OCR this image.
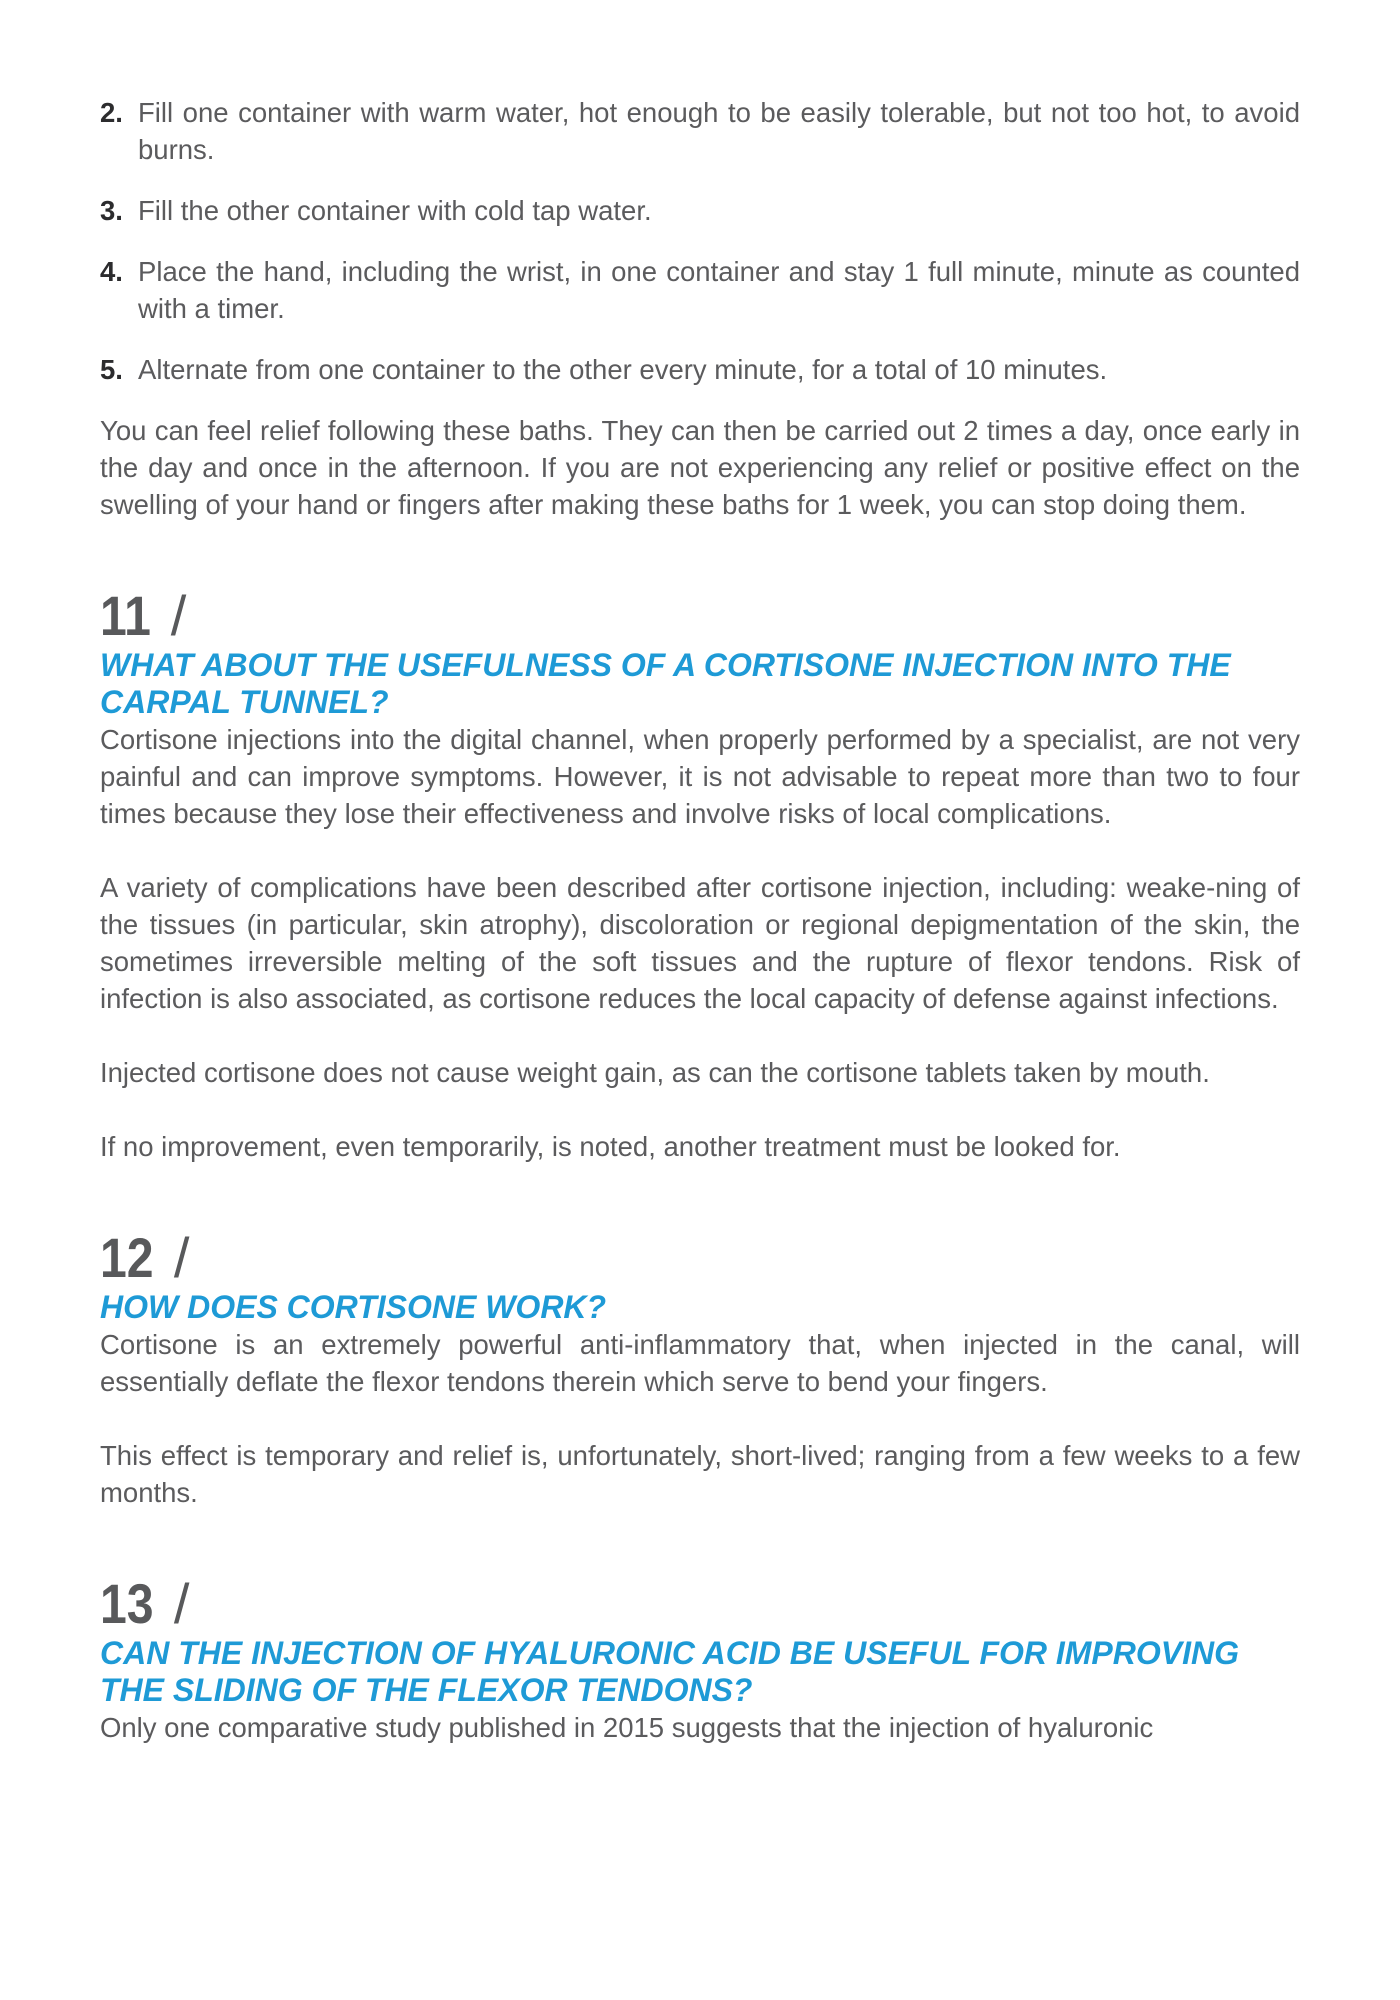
2. Fill one container with warm water, hot enough to be easily tolerable, but not too hot, to avoid burns.
3. Fill the other container with cold tap water.
4. Place the hand, including the wrist, in one container and stay 1 full minute, minute as counted with a timer.
5. Alternate from one container to the other every minute, for a total of 10 minutes.

You can feel relief following these baths. They can then be carried out 2 times a day, once early in the day and once in the afternoon. If you are not experiencing any relief or positive effect on the swelling of your hand or fingers after making these baths for 1 week, you can stop doing them.

11 /
WHAT ABOUT THE USEFULNESS OF A CORTISONE INJECTION INTO THE CARPAL TUNNEL?

Cortisone injections into the digital channel, when properly performed by a specialist, are not very painful and can improve symptoms. However, it is not advisable to repeat more than two to four times because they lose their effectiveness and involve risks of local complications.

A variety of complications have been described after cortisone injection, including: weake-ning of the tissues (in particular, skin atrophy), discoloration or regional depigmentation of the skin, the sometimes irreversible melting of the soft tissues and the rupture of flexor tendons. Risk of infection is also associated, as cortisone reduces the local capacity of defense against infections.

Injected cortisone does not cause weight gain, as can the cortisone tablets taken by mouth.

If no improvement, even temporarily, is noted, another treatment must be looked for.

12 /
HOW DOES CORTISONE WORK?

Cortisone is an extremely powerful anti-inflammatory that, when injected in the canal, will essentially deflate the flexor tendons therein which serve to bend your fingers.

This effect is temporary and relief is, unfortunately, short-lived; ranging from a few weeks to a few months.

13 /
CAN THE INJECTION OF HYALURONIC ACID BE USEFUL FOR IMPROVING THE SLIDING OF THE FLEXOR TENDONS?

Only one comparative study published in 2015 suggests that the injection of hyaluronic
